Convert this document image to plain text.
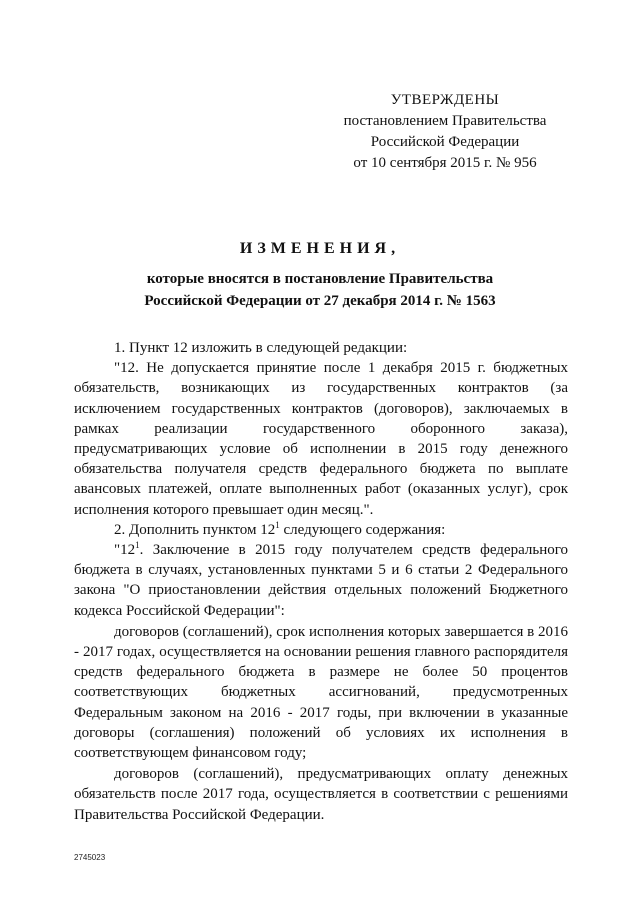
УТВЕРЖДЕНЫ
постановлением Правительства
Российской Федерации
от 10 сентября 2015 г. № 956
ИЗМЕНЕНИЯ,
которые вносятся в постановление Правительства
Российской Федерации от 27 декабря 2014 г. № 1563

1. Пункт 12 изложить в следующей редакции:

"12. Не допускается принятие после 1 декабря 2015 г. бюджетных обязательств, возникающих из государственных контрактов (за исключением государственных контрактов (договоров), заключаемых в рамках реализации государственного оборонного заказа), предусматривающих условие об исполнении в 2015 году денежного обязательства получателя средств федерального бюджета по выплате авансовых платежей, оплате выполненных работ (оказанных услуг), срок исполнения которого превышает один месяц.".

2. Дополнить пунктом $12^1$ следующего содержания:

"$12^1$. Заключение в 2015 году получателем средств федерального бюджета в случаях, установленных пунктами 5 и 6 статьи 2 Федерального закона "О приостановлении действия отдельных положений Бюджетного кодекса Российской Федерации":

договоров (соглашений), срок исполнения которых завершается в 2016 - 2017 годах, осуществляется на основании решения главного распорядителя средств федерального бюджета в размере не более 50 процентов соответствующих бюджетных ассигнований, предусмотренных Федеральным законом на 2016 - 2017 годы, при включении в указанные договоры (соглашения) положений об условиях их исполнения в соответствующем финансовом году;

договоров (соглашений), предусматривающих оплату денежных обязательств после 2017 года, осуществляется в соответствии с решениями Правительства Российской Федерации.

2745023
